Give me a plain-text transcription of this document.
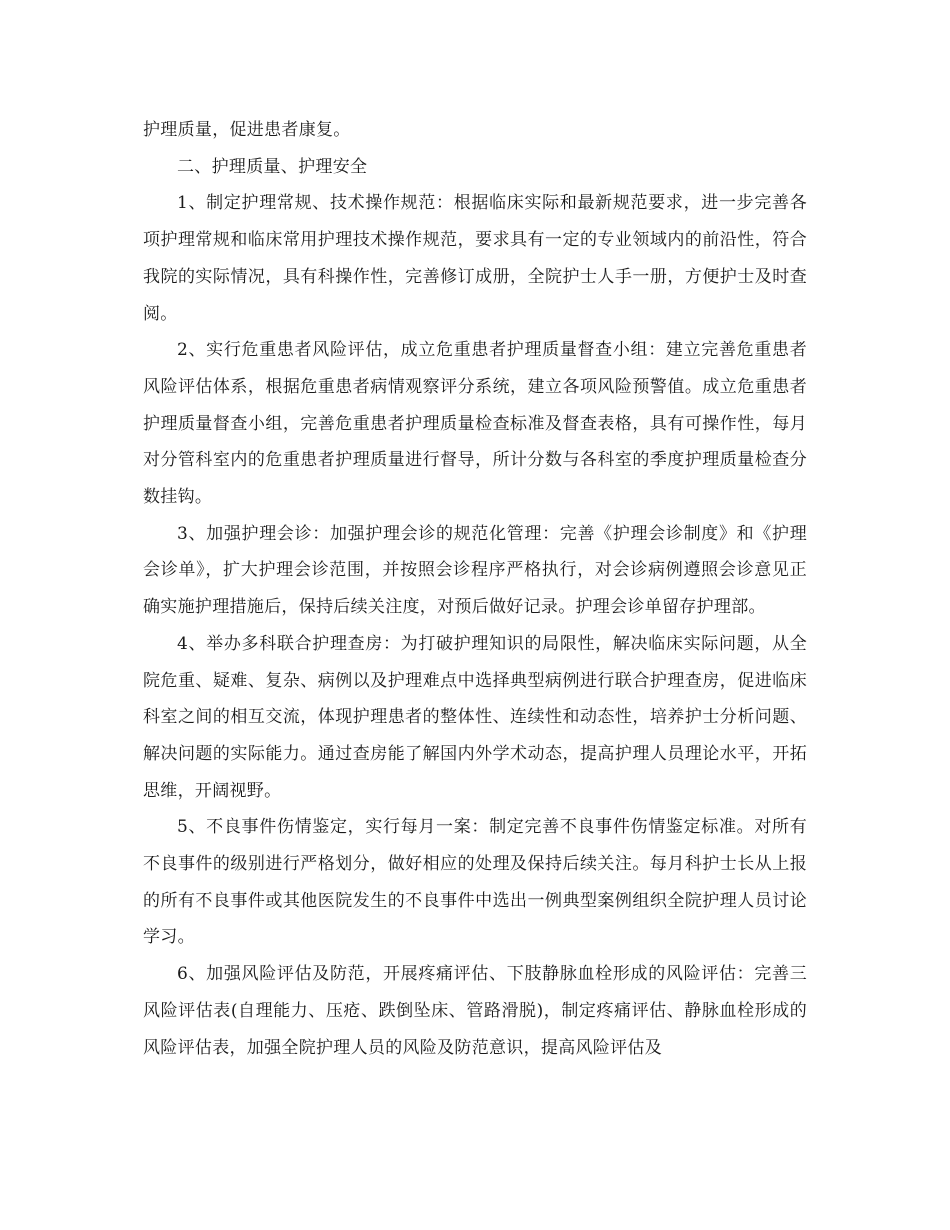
护理质量，促进患者康复。

二、护理质量、护理安全

1、制定护理常规、技术操作规范：根据临床实际和最新规范要求，进一步完善各项护理常规和临床常用护理技术操作规范，要求具有一定的专业领域内的前沿性，符合我院的实际情况，具有科操作性，完善修订成册，全院护士人手一册，方便护士及时查阅。

2、实行危重患者风险评估，成立危重患者护理质量督查小组：建立完善危重患者风险评估体系，根据危重患者病情观察评分系统，建立各项风险预警值。成立危重患者护理质量督查小组，完善危重患者护理质量检查标准及督查表格，具有可操作性，每月对分管科室内的危重患者护理质量进行督导，所计分数与各科室的季度护理质量检查分数挂钩。

3、加强护理会诊：加强护理会诊的规范化管理：完善《护理会诊制度》和《护理会诊单》，扩大护理会诊范围，并按照会诊程序严格执行，对会诊病例遵照会诊意见正确实施护理措施后，保持后续关注度，对预后做好记录。护理会诊单留存护理部。

4、举办多科联合护理查房：为打破护理知识的局限性，解决临床实际问题，从全院危重、疑难、复杂、病例以及护理难点中选择典型病例进行联合护理查房，促进临床科室之间的相互交流，体现护理患者的整体性、连续性和动态性，培养护士分析问题、解决问题的实际能力。通过查房能了解国内外学术动态，提高护理人员理论水平，开拓思维，开阔视野。

5、不良事件伤情鉴定，实行每月一案：制定完善不良事件伤情鉴定标准。对所有不良事件的级别进行严格划分，做好相应的处理及保持后续关注。每月科护士长从上报的所有不良事件或其他医院发生的不良事件中选出一例典型案例组织全院护理人员讨论学习。

6、加强风险评估及防范，开展疼痛评估、下肢静脉血栓形成的风险评估：完善三风险评估表(自理能力、压疮、跌倒坠床、管路滑脱)，制定疼痛评估、静脉血栓形成的风险评估表，加强全院护理人员的风险及防范意识，提高风险评估及
